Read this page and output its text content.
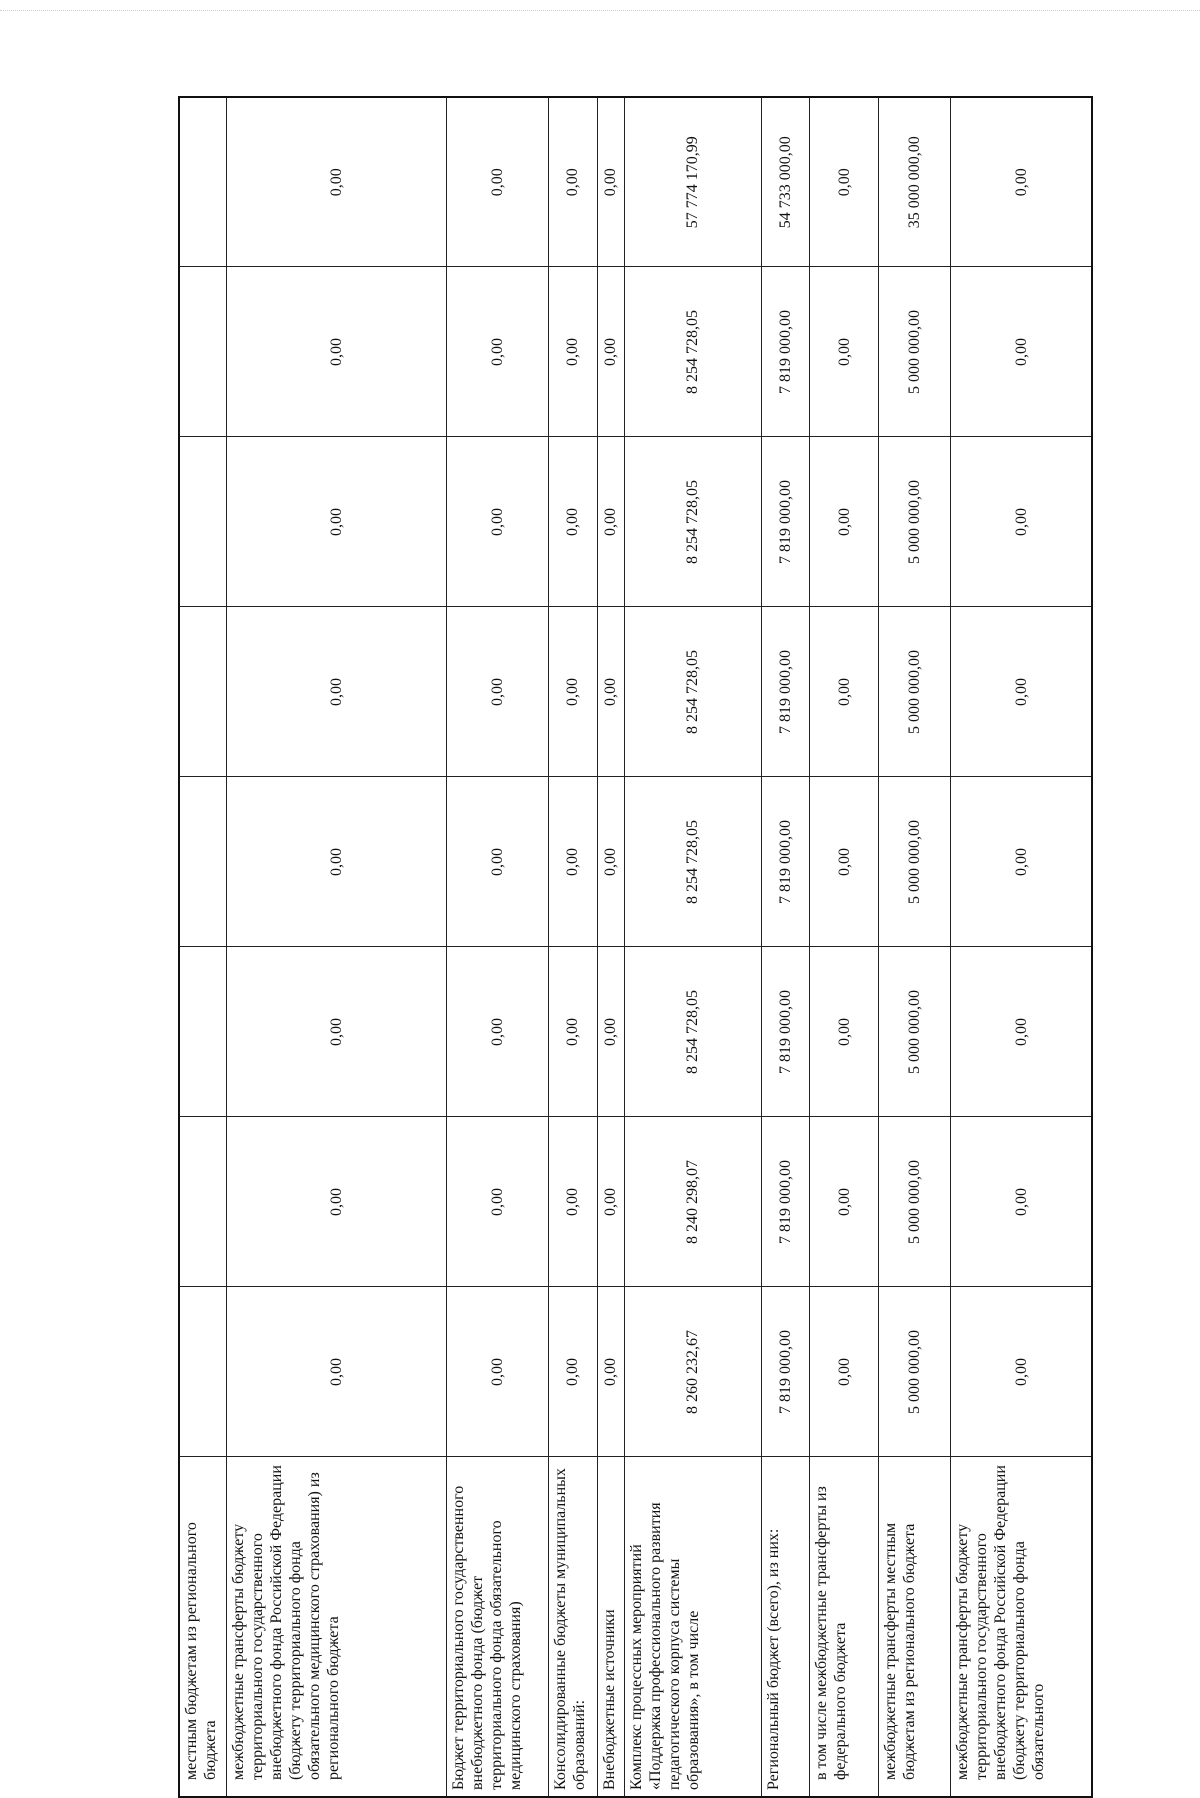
местным бюджетам из регионального бюджета								
межбюджетные трансферты бюджету территориального государственного внебюджетного фонда Российской Федерации (бюджету территориального фонда обязательного медицинского страхования) из регионального бюджета	0,00	0,00	0,00	0,00	0,00	0,00	0,00	0,00
Бюджет территориального государственного внебюджетного фонда (бюджет территориального фонда обязательного медицинского страхования)	0,00	0,00	0,00	0,00	0,00	0,00	0,00	0,00
Консолидированные бюджеты муниципальных образований:	0,00	0,00	0,00	0,00	0,00	0,00	0,00	0,00
Внебюджетные источники	0,00	0,00	0,00	0,00	0,00	0,00	0,00	0,00
Комплекс процессных мероприятий «Поддержка профессионального развития педагогического корпуса системы образования», в том числе	8 260 232,67	8 240 298,07	8 254 728,05	8 254 728,05	8 254 728,05	8 254 728,05	8 254 728,05	57 774 170,99
Региональный бюджет (всего), из них:	7 819 000,00	7 819 000,00	7 819 000,00	7 819 000,00	7 819 000,00	7 819 000,00	7 819 000,00	54 733 000,00
в том числе межбюджетные трансферты из федерального бюджета	0,00	0,00	0,00	0,00	0,00	0,00	0,00	0,00
межбюджетные трансферты местным бюджетам из регионального бюджета	5 000 000,00	5 000 000,00	5 000 000,00	5 000 000,00	5 000 000,00	5 000 000,00	5 000 000,00	35 000 000,00
межбюджетные трансферты бюджету территориального государственного внебюджетного фонда Российской Федерации (бюджету территориального фонда обязательного	0,00	0,00	0,00	0,00	0,00	0,00	0,00	0,00
